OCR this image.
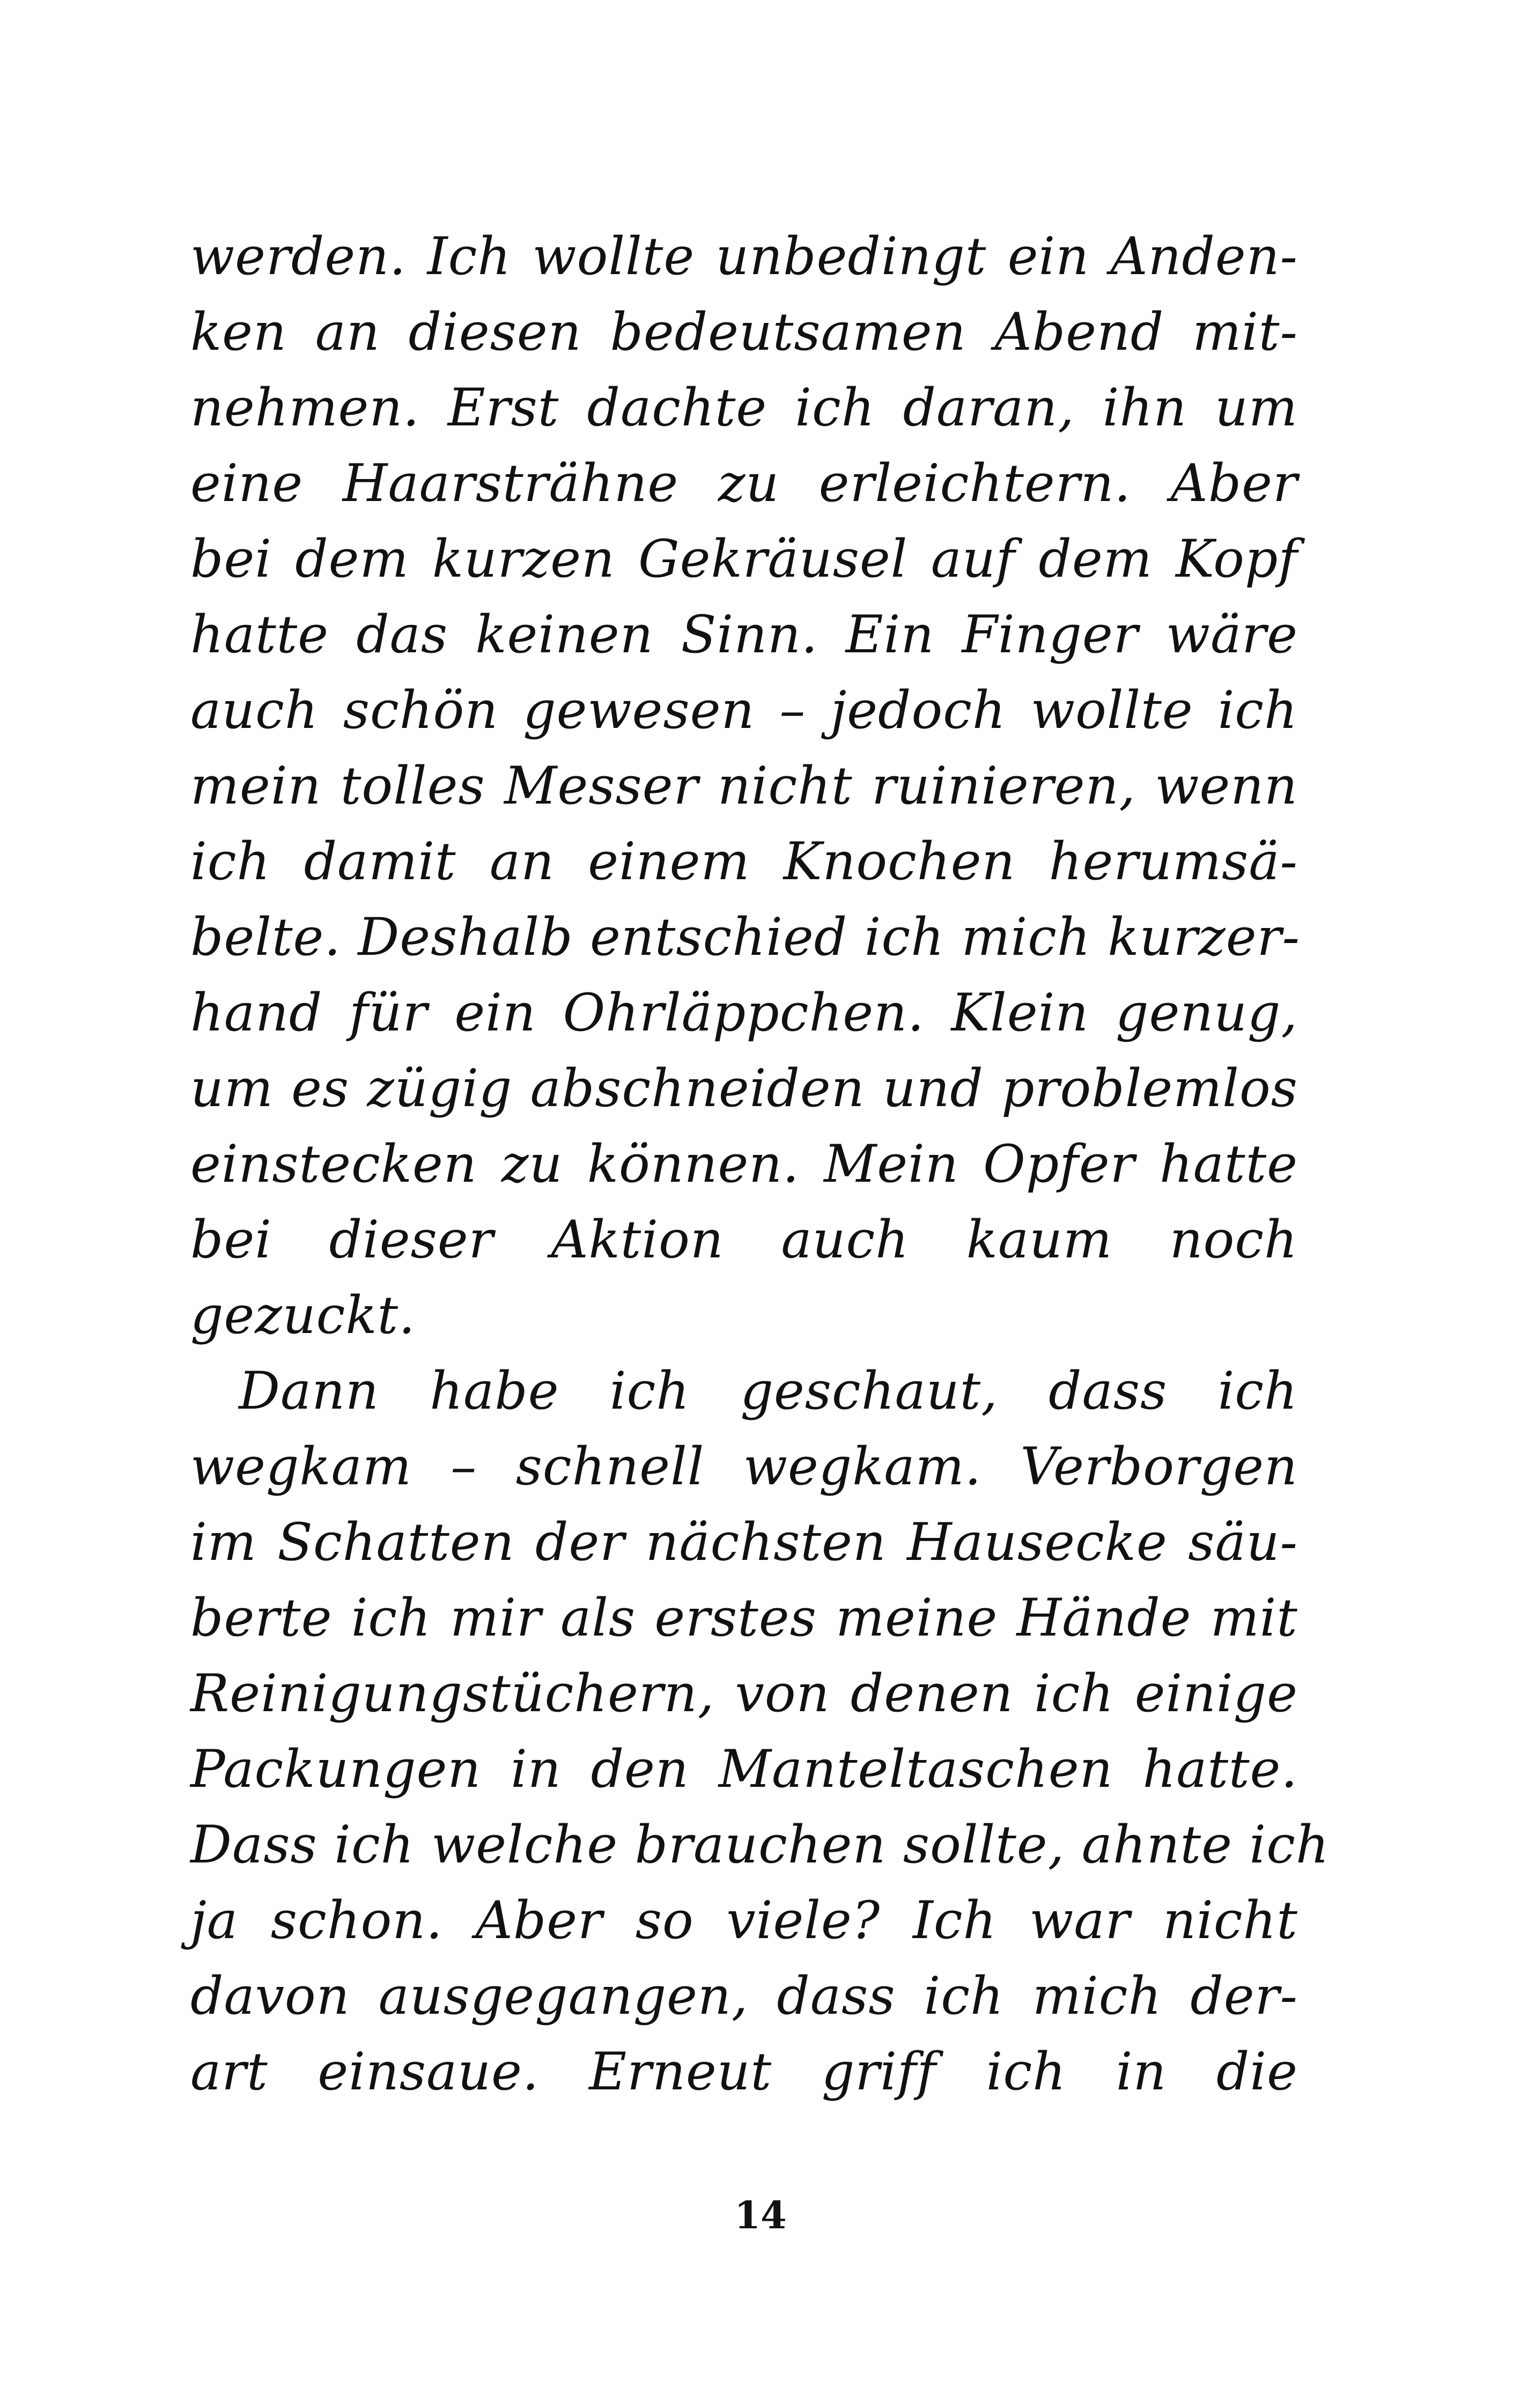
werden. Ich wollte unbedingt ein Anden-
ken an diesen bedeutsamen Abend mit-
nehmen. Erst dachte ich daran, ihn um
eine Haarsträhne zu erleichtern. Aber
bei dem kurzen Gekräusel auf dem Kopf
hatte das keinen Sinn. Ein Finger wäre
auch schön gewesen – jedoch wollte ich
mein tolles Messer nicht ruinieren, wenn
ich damit an einem Knochen herumsä-
belte. Deshalb entschied ich mich kurzer-
hand für ein Ohrläppchen. Klein genug,
um es zügig abschneiden und problemlos
einstecken zu können. Mein Opfer hatte
bei dieser Aktion auch kaum noch
gezuckt.
Dann habe ich geschaut, dass ich
wegkam – schnell wegkam. Verborgen
im Schatten der nächsten Hausecke säu-
berte ich mir als erstes meine Hände mit
Reinigungstüchern, von denen ich einige
Packungen in den Manteltaschen hatte.
Dass ich welche brauchen sollte, ahnte ich
ja schon. Aber so viele? Ich war nicht
davon ausgegangen, dass ich mich der-
art einsaue. Erneut griff ich in die
14
